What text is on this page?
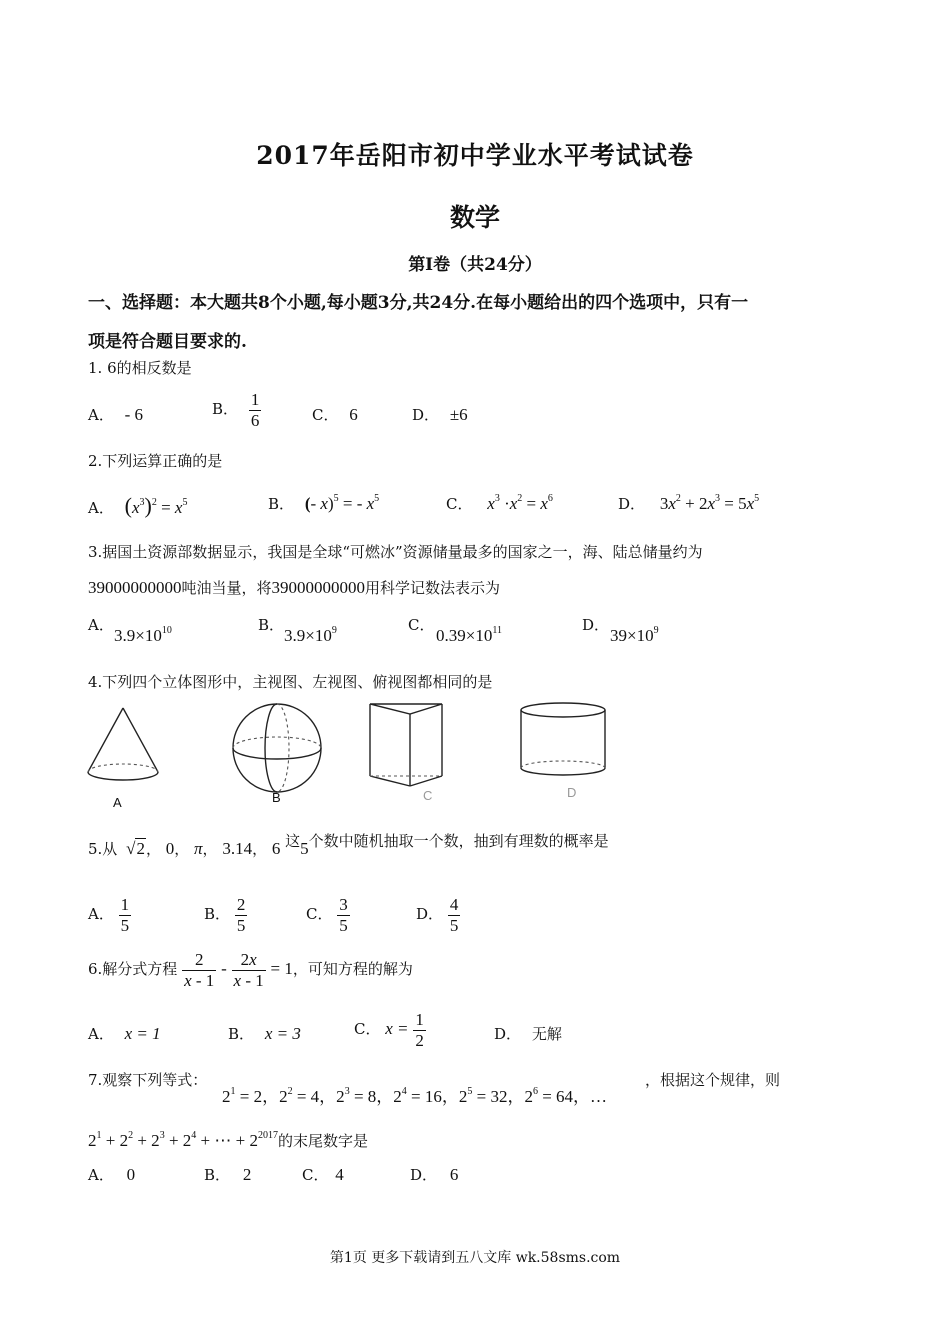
2017年岳阳市初中学业水平考试试卷
数学
第Ⅰ卷（共24分）
一、选择题：本大题共8个小题,每小题3分,共24分.在每小题给出的四个选项中，只有一
项是符合题目要求的.
1. 6的相反数是
A． - 6	B． $\frac{1}{6}$	C． 6	D． ±6
2.下列运算正确的是
A． $(x^3)^2 = x^5$	B． (- x)$^5$ = - $x^5$	C． $x^3 \cdot x^2 = x^6$	D． $3x^2 + 2x^3 = 5x^5$
3.据国土资源部数据显示，我国是全球“可燃冰”资源储量最多的国家之一，海、陆总储量约为
39000000000吨油当量，将39000000000用科学记数法表示为
A．
$3.9\times 10^{10}$	B．
$3.9\times 10^9$	C．
$0.39\times 10^{11}$	D．
$39\times 10^9$
4.下列四个立体图形中，主视图、左视图、俯视图都相同的是
A	B	C	D
5.从 √2， 0， π， 3.14， 6 这5个数中随机抽取一个数，抽到有理数的概率是
A． $\frac{1}{5}$	B． $\frac{2}{5}$	C． $\frac{3}{5}$	D． $\frac{4}{5}$
6.解分式方程 $\frac{2}{x - 1} - \frac{2x}{x - 1} = 1$，可知方程的解为
A． x = 1	B． x = 3	C． $x = \frac{1}{2}$	D． 无解
7.观察下列等式：
$2^1 = 2$，$2^2 = 4$，$2^3 = 8$，$2^4 = 16$，$2^5 = 32$，$2^6 = 64$，…
，根据这个规律，则
$2^1 + 2^2 + 2^3 + 2^4$ + ⋯ + $2^{2017}$的末尾数字是
A． 0	B． 2	C． 4	D． 6
第1页 更多下载请到五八文库 wk.58sms.com
